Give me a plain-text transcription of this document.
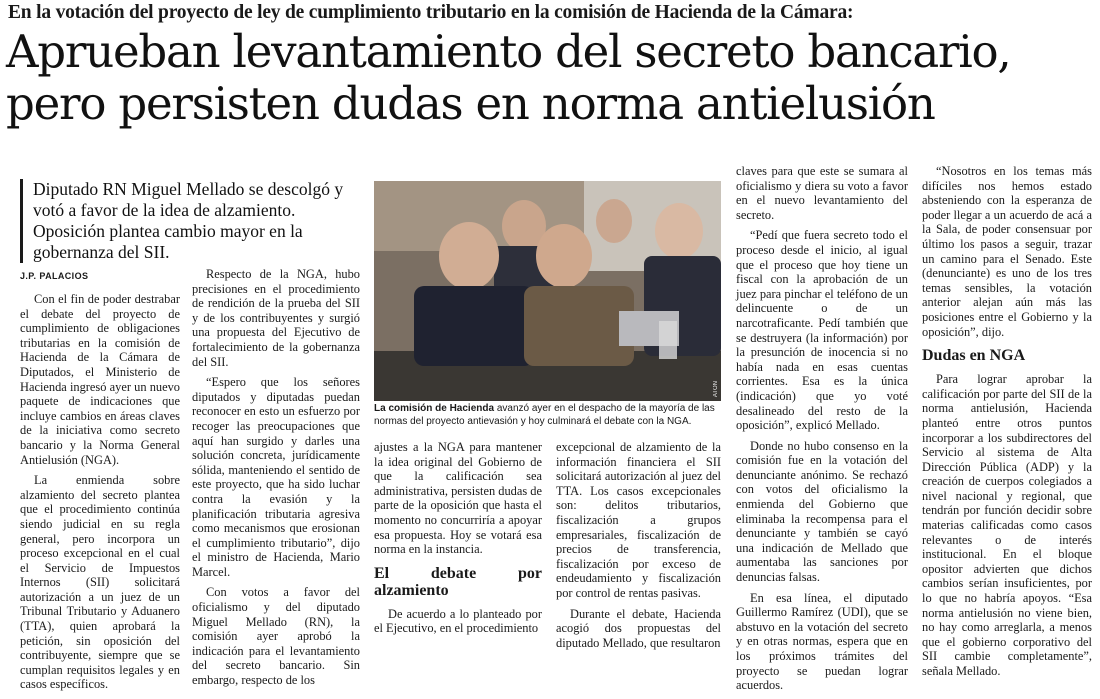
En la votación del proyecto de ley de cumplimiento tributario en la comisión de Hacienda de la Cámara:
Aprueban levantamiento del secreto bancario,
pero persisten dudas en norma antielusión
Diputado RN Miguel Mellado se descolgó y votó a favor de la idea de alzamiento. Oposición plantea cambio mayor en la gobernanza del SII.
J.P. PALACIOS

Con el fin de poder destrabar el debate del proyecto de cumplimiento de obligaciones tributarias en la comisión de Hacienda de la Cámara de Diputados, el Ministerio de Hacienda ingresó ayer un nuevo paquete de indicaciones que incluye cambios en áreas claves de la iniciativa como secreto bancario y la Norma General Antielusión (NGA).

La enmienda sobre alzamiento del secreto plantea que el procedimiento continúa siendo judicial en su regla general, pero incorpora un proceso excepcional en el cual el Servicio de Impuestos Internos (SII) solicitará autorización a un juez de un Tribunal Tributario y Aduanero (TTA), quien aprobará la petición, sin oposición del contribuyente, siempre que se cumplan requisitos legales y en casos específicos.

Respecto de la NGA, hubo precisiones en el procedimiento de rendición de la prueba del SII y de los contribuyentes y surgió una propuesta del Ejecutivo de fortalecimiento de la gobernanza del SII.

“Espero que los señores diputados y diputadas puedan reconocer en esto un esfuerzo por recoger las preocupaciones que aquí han surgido y darles una solución concreta, jurídicamente sólida, manteniendo el sentido de este proyecto, que ha sido luchar contra la evasión y la planificación tributaria agresiva como mecanismos que erosionan el cumplimiento tributario”, dijo el ministro de Hacienda, Mario Marcel.

Con votos a favor del oficialismo y del diputado Miguel Mellado (RN), la comisión ayer aprobó la indicación para el levantamiento del secreto bancario. Sin embargo, respecto de los

ATON
La comisión de Hacienda avanzó ayer en el despacho de la mayoría de las normas del proyecto antievasión y hoy culminará el debate con la NGA.

ajustes a la NGA para mantener la idea original del Gobierno de que la calificación sea administrativa, persisten dudas de parte de la oposición que hasta el momento no concurriría a apoyar esa propuesta. Hoy se votará esa norma en la instancia.

El debate por alzamiento

De acuerdo a lo planteado por el Ejecutivo, en el procedimiento

excepcional de alzamiento de la información financiera el SII solicitará autorización al juez del TTA. Los casos excepcionales son: delitos tributarios, fiscalización a grupos empresariales, fiscalización de precios de transferencia, fiscalización por exceso de endeudamiento y fiscalización por control de rentas pasivas.

Durante el debate, Hacienda acogió dos propuestas del diputado Mellado, que resultaron

claves para que este se sumara al oficialismo y diera su voto a favor en el nuevo levantamiento del secreto.

“Pedí que fuera secreto todo el proceso desde el inicio, al igual que el proceso que hoy tiene un fiscal con la aprobación de un juez para pinchar el teléfono de un delincuente o de un narcotraficante. Pedí también que se destruyera (la información) por la presunción de inocencia si no había nada en esas cuentas corrientes. Esa es la única (indicación) que yo voté desalineado del resto de la oposición”, explicó Mellado.

Donde no hubo consenso en la comisión fue en la votación del denunciante anónimo. Se rechazó con votos del oficialismo la enmienda del Gobierno que eliminaba la recompensa para el denunciante y también se cayó una indicación de Mellado que aumentaba las sanciones por denuncias falsas.

En esa línea, el diputado Guillermo Ramírez (UDI), que se abstuvo en la votación del secreto y en otras normas, espera que en los próximos trámites del proyecto se puedan lograr acuerdos.

“Nosotros en los temas más difíciles nos hemos estado absteniendo con la esperanza de poder llegar a un acuerdo de acá a la Sala, de poder consensuar por último los pasos a seguir, trazar un camino para el Senado. Este (denunciante) es uno de los tres temas sensibles, la votación anterior alejan aún más las posiciones entre el Gobierno y la oposición”, dijo.

Dudas en NGA

Para lograr aprobar la calificación por parte del SII de la norma antielusión, Hacienda planteó entre otros puntos incorporar a los subdirectores del Servicio al sistema de Alta Dirección Pública (ADP) y la creación de cuerpos colegiados a nivel nacional y regional, que tendrán por función decidir sobre materias calificadas como casos relevantes o de interés institucional. En el bloque opositor advierten que dichos cambios serían insuficientes, por lo que no habría apoyos. “Esa norma antielusión no viene bien, no hay como arreglarla, a menos que el gobierno corporativo del SII cambie completamente”, señala Mellado.
